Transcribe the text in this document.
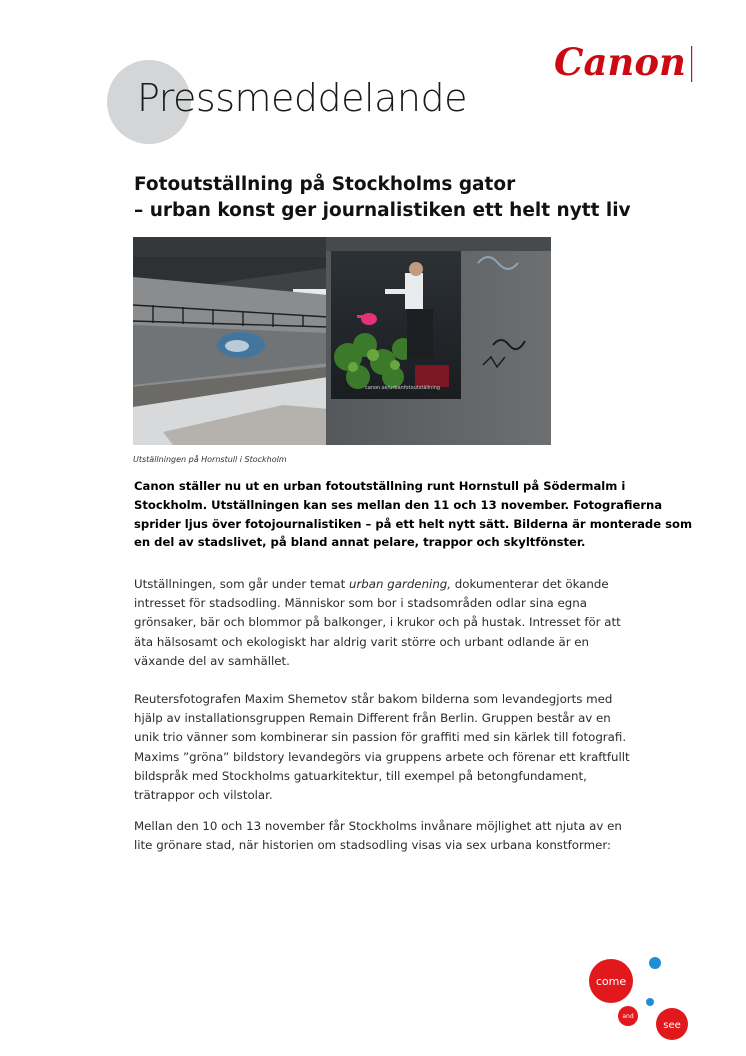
Pressmeddelande
Canon
Fotoutställning på Stockholms gator
– urban konst ger journalistiken ett helt nytt liv
canon.se/urbanfotoutställning
Utställningen på Hornstull i Stockholm
Canon ställer nu ut en urban fotoutställning runt Hornstull på Södermalm i
Stockholm. Utställningen kan ses mellan den 11 och 13 november. Fotografierna
sprider ljus över fotojournalistiken – på ett helt nytt sätt. Bilderna är monterade som
en del av stadslivet, på bland annat pelare, trappor och skyltfönster.
Utställningen, som går under temat urban gardening, dokumenterar det ökande
intresset för stadsodling. Människor som bor i stadsområden odlar sina egna
grönsaker, bär och blommor på balkonger, i krukor och på hustak. Intresset för att
äta hälsosamt och ekologiskt har aldrig varit större och urbant odlande är en
växande del av samhället.
Reutersfotografen Maxim Shemetov står bakom bilderna som levandegjorts med
hjälp av installationsgruppen Remain Different från Berlin. Gruppen består av en
unik trio vänner som kombinerar sin passion för graffiti med sin kärlek till fotografi.
Maxims ”gröna” bildstory levandegörs via gruppens arbete och förenar ett kraftfullt
bildspråk med Stockholms gatuarkitektur, till exempel på betongfundament,
trätrappor och vilstolar.
Mellan den 10 och 13 november får Stockholms invånare möjlighet att njuta av en
lite grönare stad, när historien om stadsodling visas via sex urbana konstformer:
come
and
see
